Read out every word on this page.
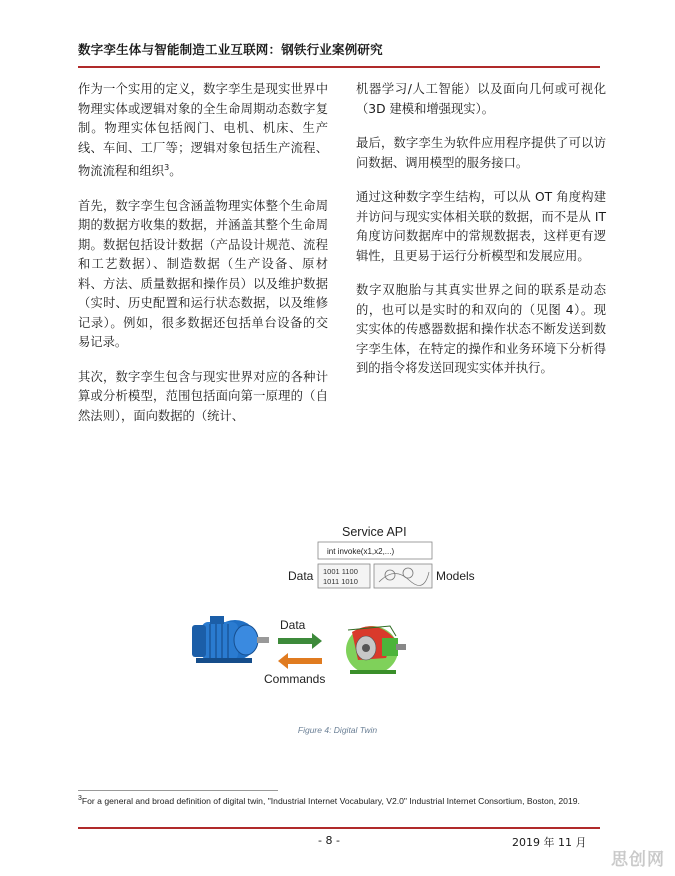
数字孪生体与智能制造工业互联网：钢铁行业案例研究

作为一个实用的定义，数字孪生是现实世界中物理实体或逻辑对象的全生命周期动态数字复制。物理实体包括阀门、电机、机床、生产线、车间、工厂等；逻辑对象包括生产流程、物流流程和组织$^3$。

首先，数字孪生包含涵盖物理实体整个生命周期的数据方收集的数据，并涵盖其整个生命周期。数据包括设计数据（产品设计规范、流程和工艺数据）、制造数据（生产设备、原材料、方法、质量数据和操作员）以及维护数据（实时、历史配置和运行状态数据，以及维修记录）。例如，很多数据还包括单台设备的交易记录。

其次，数字孪生包含与现实世界对应的各种计算或分析模型，范围包括面向第一原理的（自然法则），面向数据的（统计、

机器学习/人工智能）以及面向几何或可视化（3D 建模和增强现实）。

最后，数字孪生为软件应用程序提供了可以访问数据、调用模型的服务接口。

通过这种数字孪生结构，可以从 OT 角度构建并访问与现实实体相关联的数据，而不是从 IT 角度访问数据库中的常规数据表，这样更有逻辑性，且更易于运行分析模型和发展应用。

数字双胞胎与其真实世界之间的联系是动态的，也可以是实时的和双向的（见图 4）。现实实体的传感器数据和操作状态不断发送到数字孪生体，在特定的操作和业务环境下分析得到的指令将发送回现实实体并执行。

Service API
int invoke(x1,x2,...)
Data 1001 1100
1011 1010	Models
Data
Commands
Figure 4: Digital Twin
$^3$For a general and broad definition of digital twin, "Industrial Internet Vocabulary, V2.0" Industrial Internet Consortium, Boston, 2019.
- 8 -	2019 年 11 月
思创网
